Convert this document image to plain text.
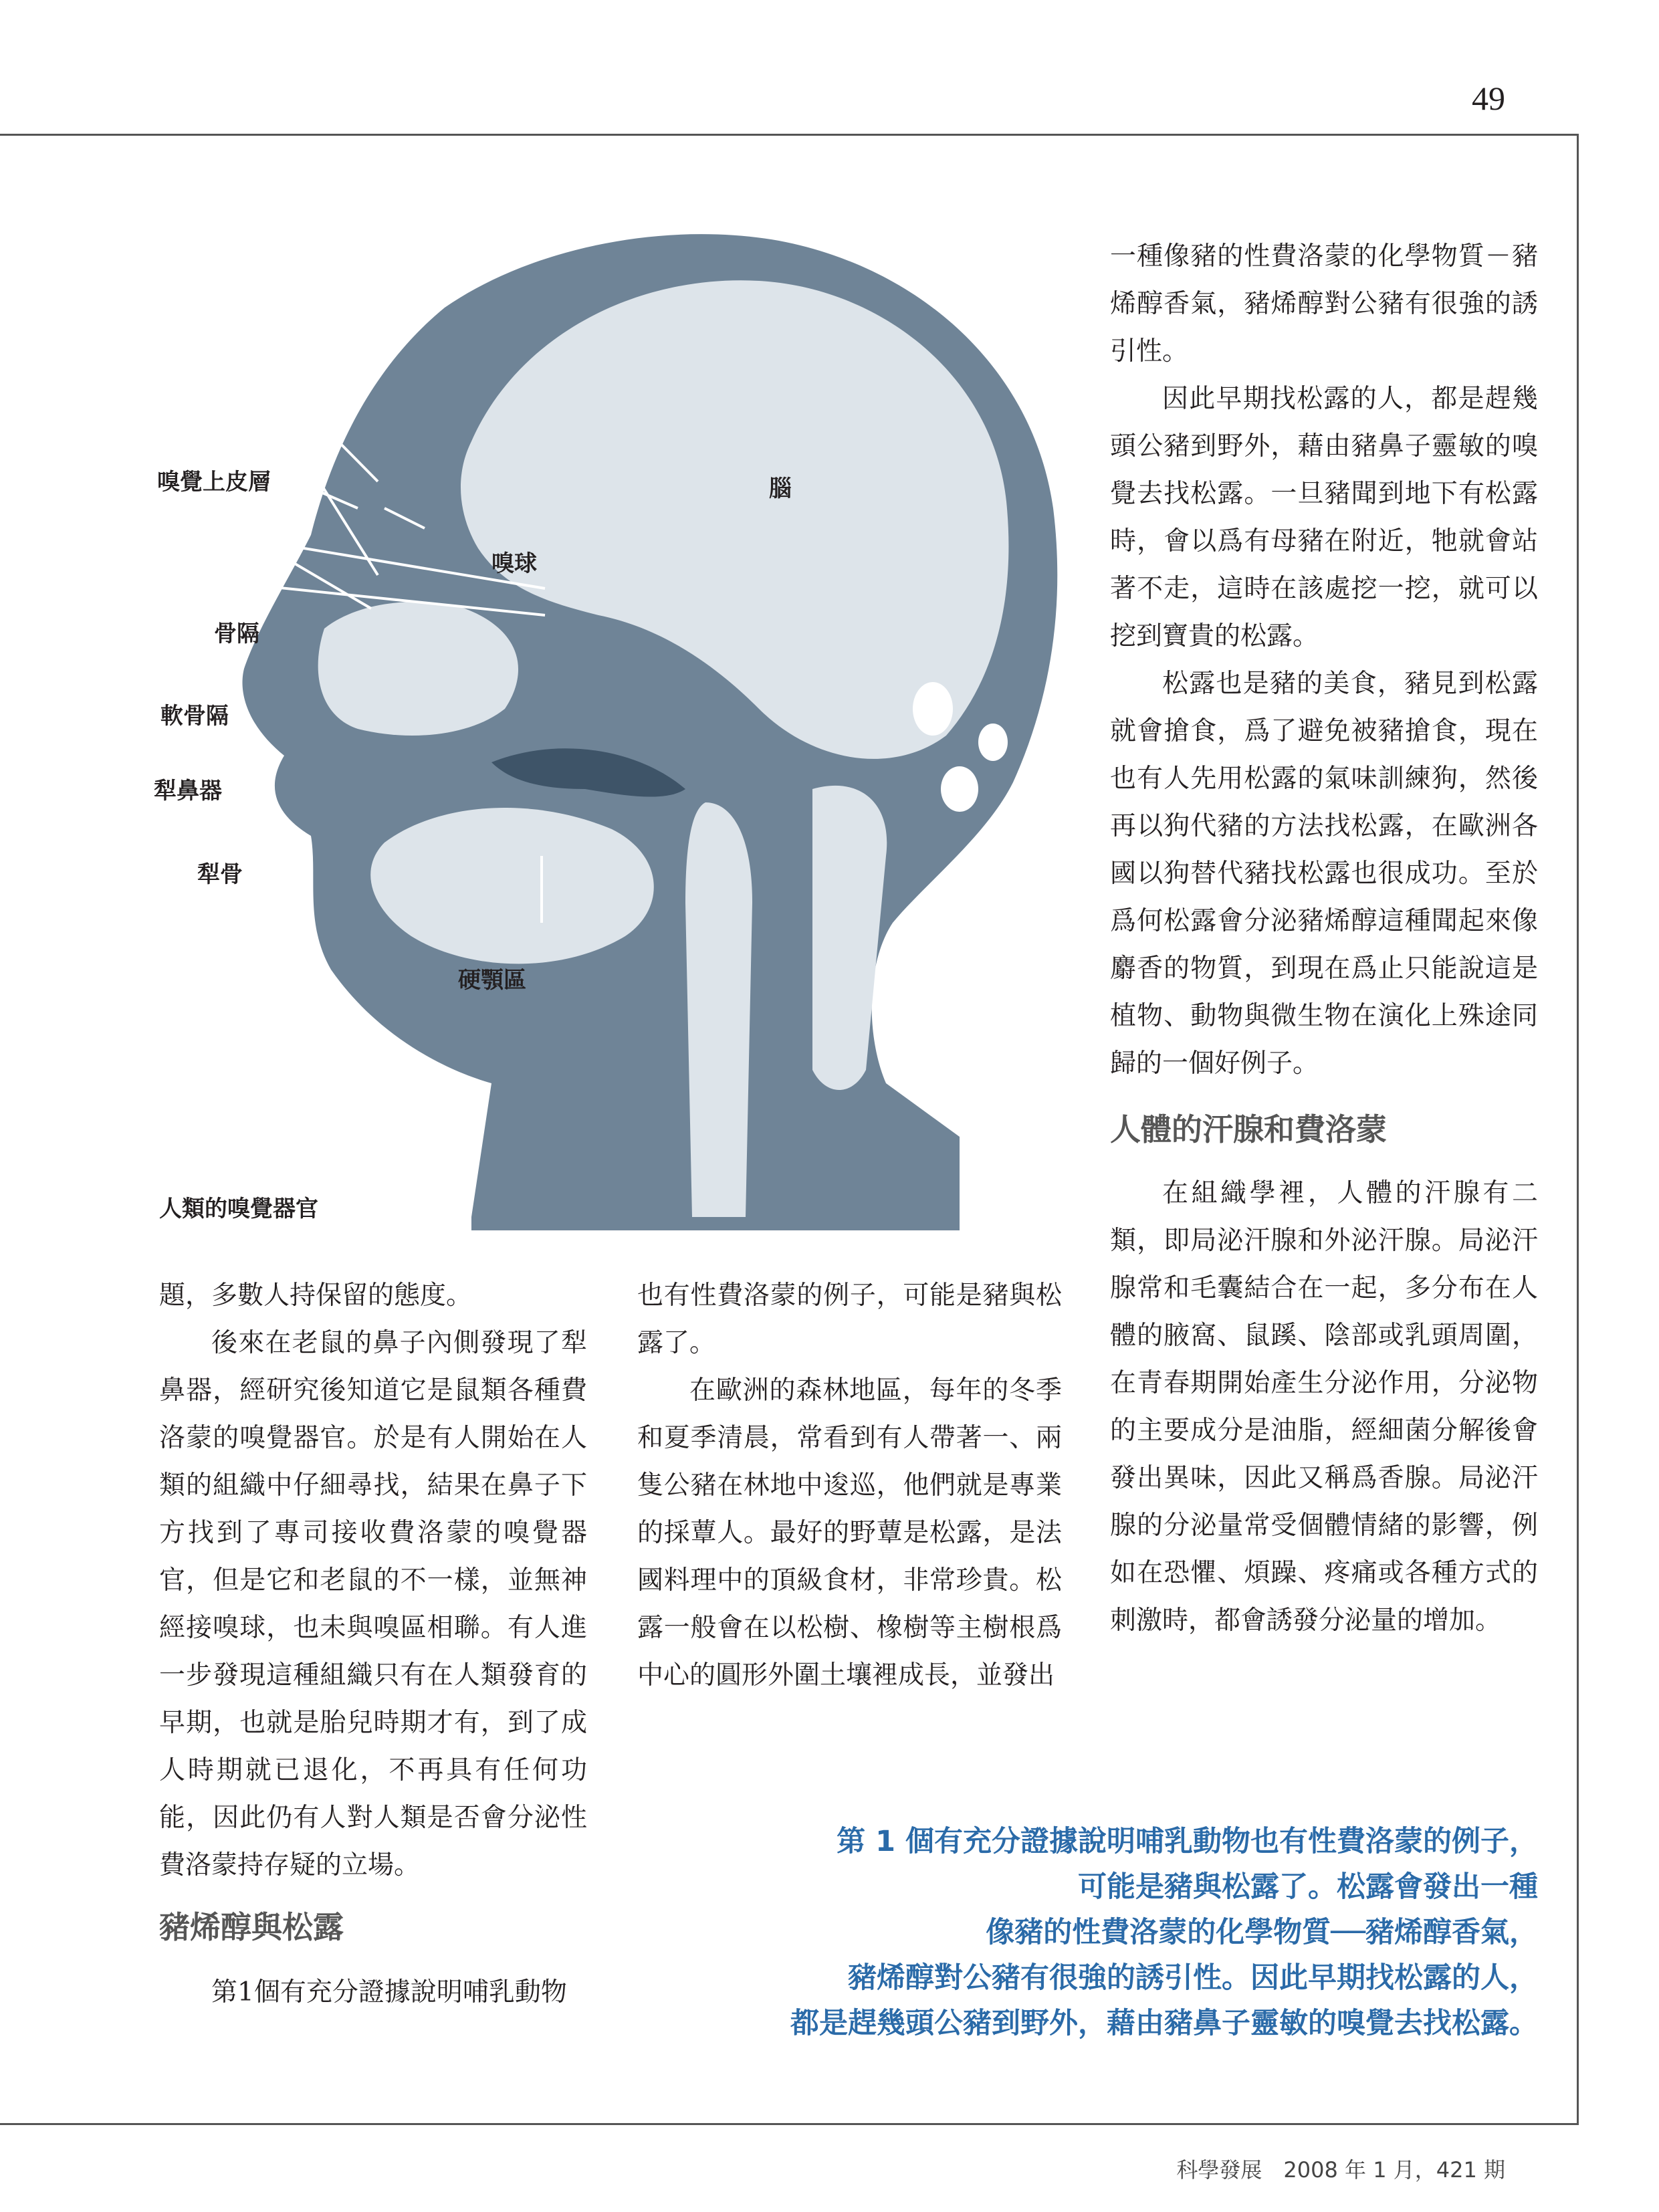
49
嗅覺上皮層	腦
嗅球
骨隔
軟骨隔
犁鼻器
犁骨
硬顎區
人類的嗅覺器官

一種像豬的性費洛蒙的化學物質－豬烯醇香氣，豬烯醇對公豬有很強的誘引性。

因此早期找松露的人，都是趕幾頭公豬到野外，藉由豬鼻子靈敏的嗅覺去找松露。一旦豬聞到地下有松露時，會以爲有母豬在附近，牠就會站著不走，這時在該處挖一挖，就可以挖到寶貴的松露。

松露也是豬的美食，豬見到松露就會搶食，爲了避免被豬搶食，現在也有人先用松露的氣味訓練狗，然後再以狗代豬的方法找松露，在歐洲各國以狗替代豬找松露也很成功。至於爲何松露會分泌豬烯醇這種聞起來像麝香的物質，到現在爲止只能說這是植物、動物與微生物在演化上殊途同歸的一個好例子。

人體的汗腺和費洛蒙

在組織學裡，人體的汗腺有二類，即局泌汗腺和外泌汗腺。局泌汗腺常和毛囊結合在一起，多分布在人體的腋窩、鼠蹊、陰部或乳頭周圍，在青春期開始產生分泌作用，分泌物的主要成分是油脂，經細菌分解後會發出異味，因此又稱爲香腺。局泌汗腺的分泌量常受個體情緒的影響，例如在恐懼、煩躁、疼痛或各種方式的刺激時，都會誘發分泌量的增加。

題，多數人持保留的態度。

後來在老鼠的鼻子內側發現了犁鼻器，經研究後知道它是鼠類各種費洛蒙的嗅覺器官。於是有人開始在人類的組織中仔細尋找，結果在鼻子下方找到了專司接收費洛蒙的嗅覺器官，但是它和老鼠的不一樣，並無神經接嗅球，也未與嗅區相聯。有人進一步發現這種組織只有在人類發育的早期，也就是胎兒時期才有，到了成人時期就已退化，不再具有任何功能，因此仍有人對人類是否會分泌性費洛蒙持存疑的立場。

豬烯醇與松露

第1個有充分證據說明哺乳動物

也有性費洛蒙的例子，可能是豬與松露了。

在歐洲的森林地區，每年的冬季和夏季清晨，常看到有人帶著一、兩隻公豬在林地中逡巡，他們就是專業的採蕈人。最好的野蕈是松露，是法國料理中的頂級食材，非常珍貴。松露一般會在以松樹、橡樹等主樹根爲中心的圓形外圍土壤裡成長，並發出

第 1 個有充分證據說明哺乳動物也有性費洛蒙的例子，
可能是豬與松露了。松露會發出一種
像豬的性費洛蒙的化學物質──豬烯醇香氣，
豬烯醇對公豬有很強的誘引性。因此早期找松露的人，
都是趕幾頭公豬到野外，藉由豬鼻子靈敏的嗅覺去找松露。
科學發展　2008 年 1 月，421 期
